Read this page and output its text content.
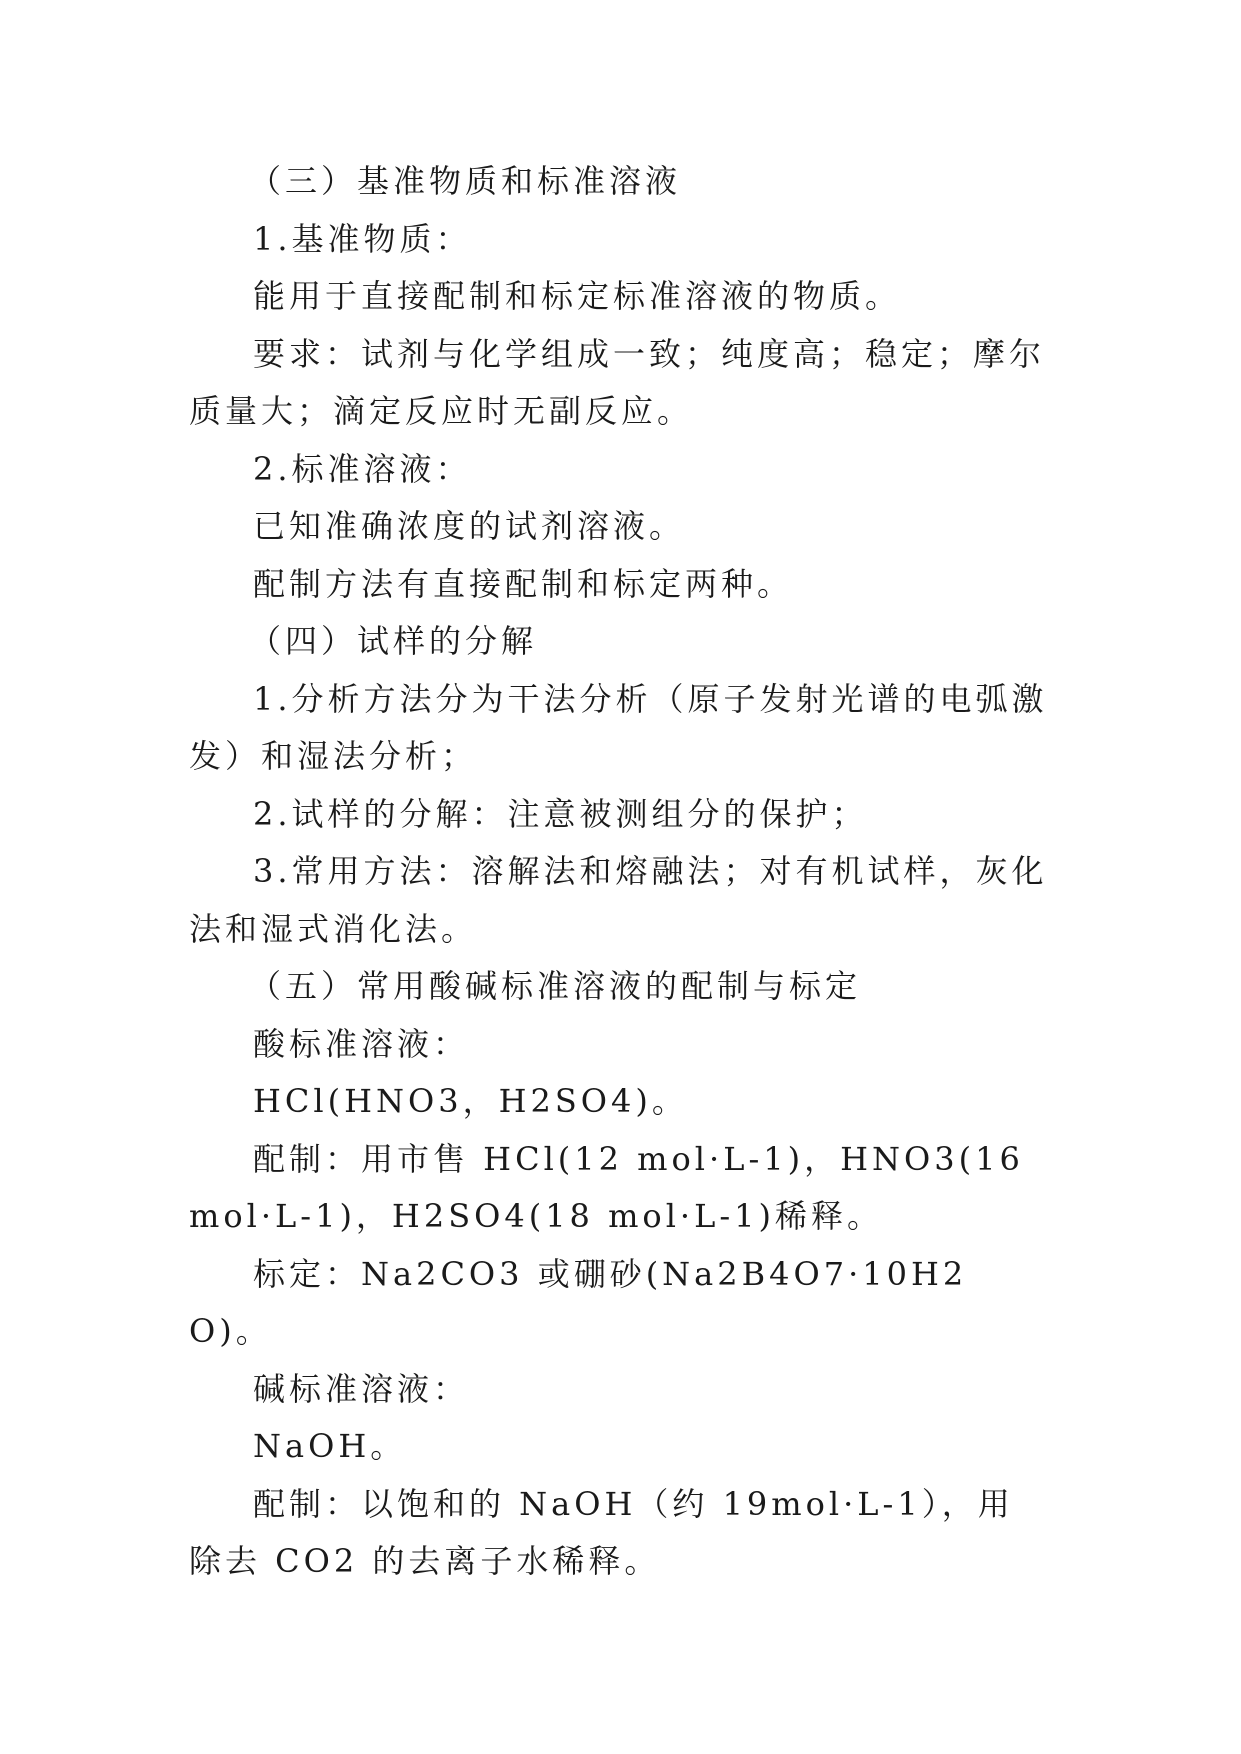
（三）基准物质和标准溶液

1.基准物质：

能用于直接配制和标定标准溶液的物质。

要求：试剂与化学组成一致；纯度高；稳定；摩尔质量大；滴定反应时无副反应。

2.标准溶液：

已知准确浓度的试剂溶液。

配制方法有直接配制和标定两种。

（四）试样的分解

1.分析方法分为干法分析（原子发射光谱的电弧激发）和湿法分析；

2.试样的分解：注意被测组分的保护；

3.常用方法：溶解法和熔融法；对有机试样，灰化法和湿式消化法。

（五）常用酸碱标准溶液的配制与标定

酸标准溶液：

HCl(HNO3，H2SO4)。

配制：用市售 HCl(12 mol·L-1)，HNO3(16 mol·L-1)，H2SO4(18 mol·L-1)稀释。

标定：Na2CO3 或硼砂(Na2B4O7·10H2O)。

碱标准溶液：

NaOH。

配制：以饱和的 NaOH（约 19mol·L-1），用除去 CO2 的去离子水稀释。
